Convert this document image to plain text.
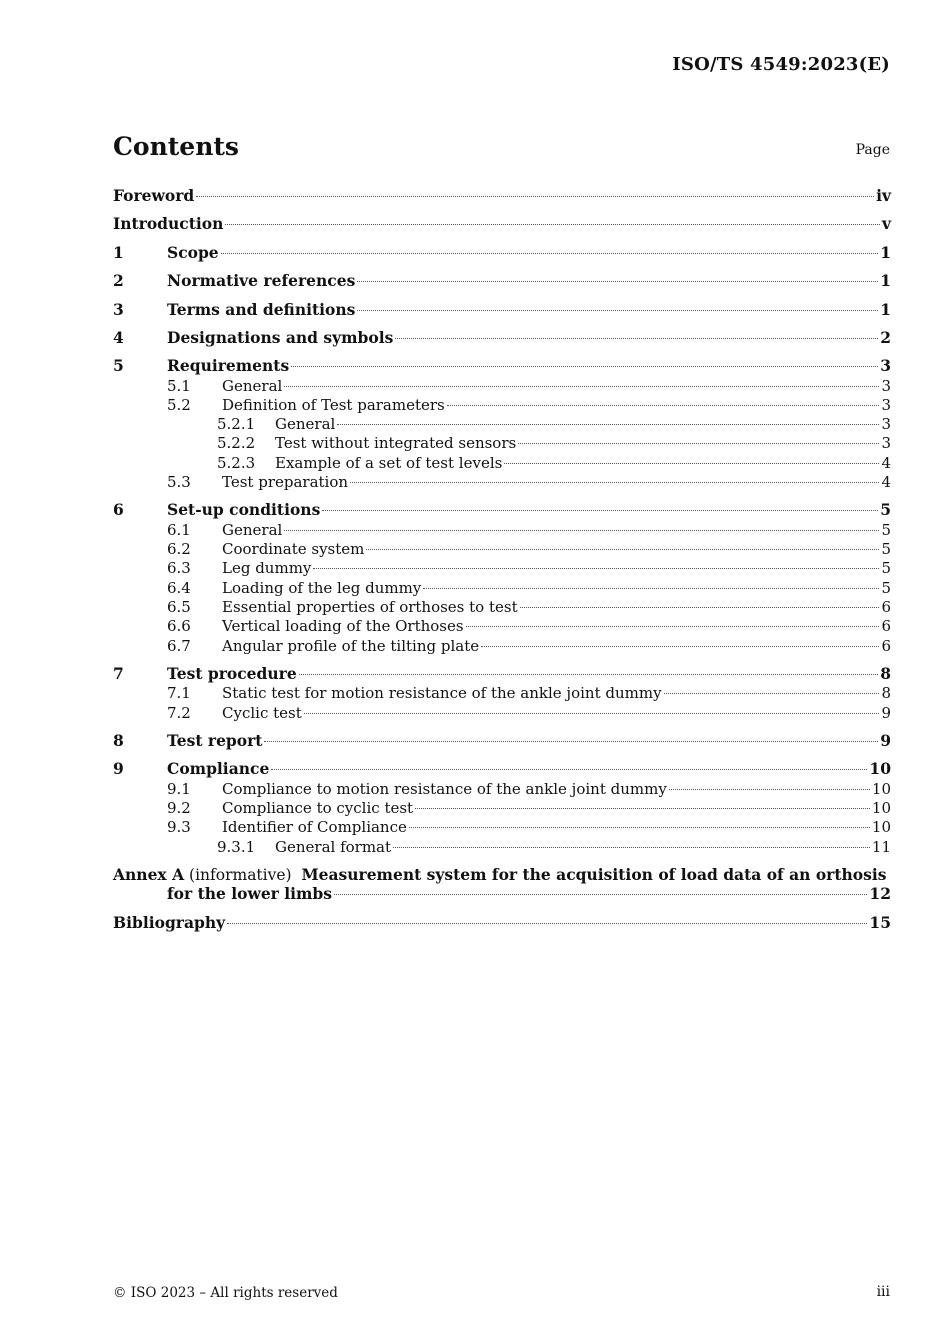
ISO/TS 4549:2023(E)
Contents	Page
Foreword	iv
Introduction	v
1	Scope	1
2	Normative references	1
3	Terms and definitions	1
4	Designations and symbols	2
5	Requirements	3
5.1	General	3
5.2	Definition of Test parameters	3
5.2.1	General	3
5.2.2	Test without integrated sensors	3
5.2.3	Example of a set of test levels	4
5.3	Test preparation	4
6	Set-up conditions	5
6.1	General	5
6.2	Coordinate system	5
6.3	Leg dummy	5
6.4	Loading of the leg dummy	5
6.5	Essential properties of orthoses to test	6
6.6	Vertical loading of the Orthoses	6
6.7	Angular profile of the tilting plate	6
7	Test procedure	8
7.1	Static test for motion resistance of the ankle joint dummy	8
7.2	Cyclic test	9
8	Test report	9
9	Compliance	10
9.1	Compliance to motion resistance of the ankle joint dummy	10
9.2	Compliance to cyclic test	10
9.3	Identifier of Compliance	10
9.3.1	General format	11
Annex A (informative) Measurement system for the acquisition of load data of an orthosis
for the lower limbs	12
Bibliography	15
© ISO 2023 – All rights reserved	iii
